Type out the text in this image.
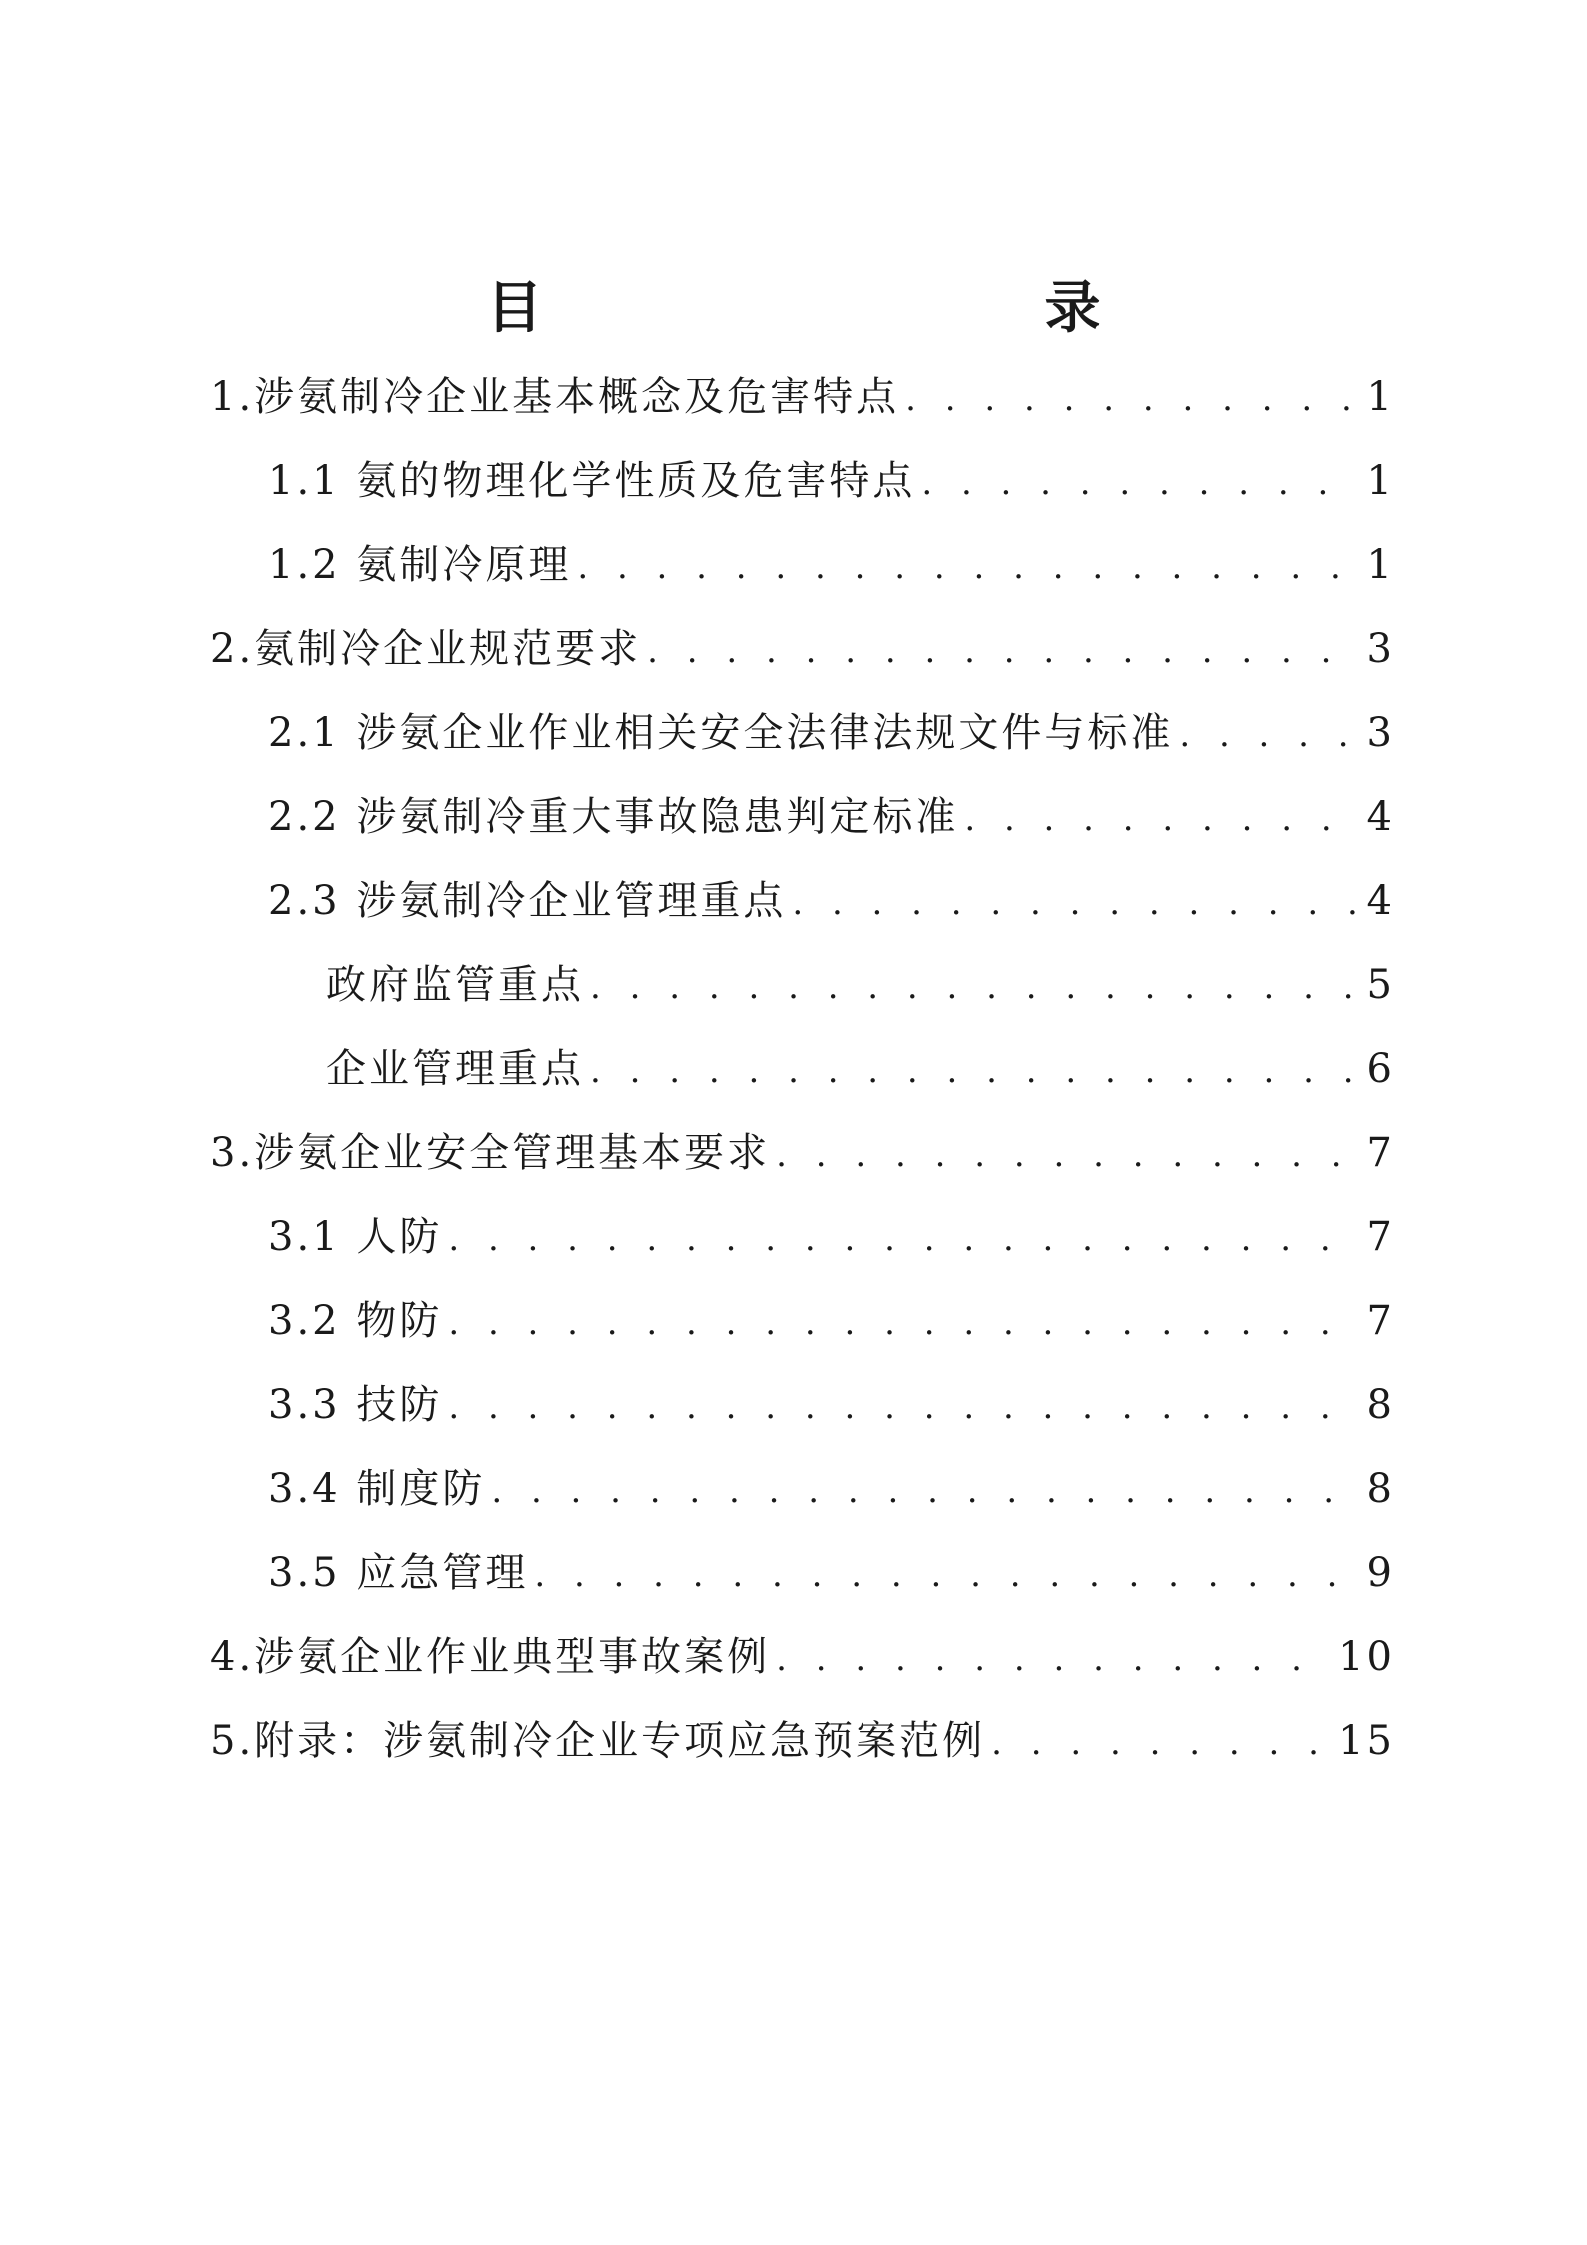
目　　录
1.涉氨制冷企业基本概念及危害特点 . . .	1
1.1 氨的物理化学性质及危害特点 . . .	1
1.2 氨制冷原理 . . .	1
2.氨制冷企业规范要求 . . .	3
2.1 涉氨企业作业相关安全法律法规文件与标准 . . .	3
2.2 涉氨制冷重大事故隐患判定标准 . . .	4
2.3 涉氨制冷企业管理重点 . . .	4
政府监管重点 . . .	5
企业管理重点 . . .	6
3.涉氨企业安全管理基本要求 . . .	7
3.1 人防 . . .	7
3.2 物防 . . .	7
3.3 技防 . . .	8
3.4 制度防 . . .	8
3.5 应急管理 . . .	9
4.涉氨企业作业典型事故案例 . . .	10
5.附录：涉氨制冷企业专项应急预案范例 . . .	15
